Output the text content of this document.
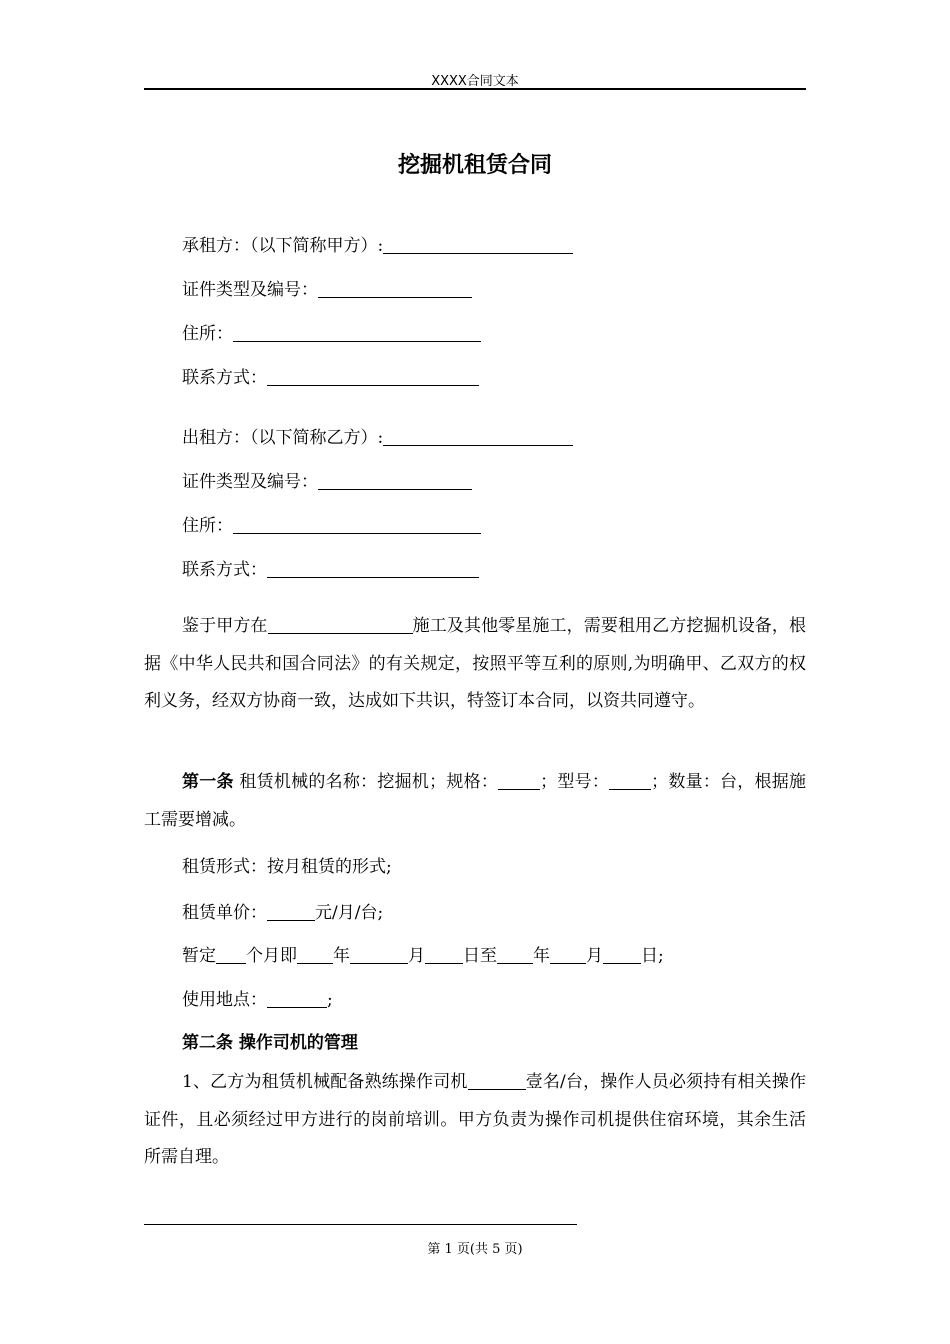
XXXX合同文本
挖掘机租赁合同
承租方：（以下简称甲方）:
证件类型及编号：
住所：
联系方式：
出租方：（以下简称乙方）:
证件类型及编号：
住所：
联系方式：
鉴于甲方在	施工及其他零星施工，需要租用乙方挖掘机设备，根据《中华人民共和国合同法》的有关规定，按照平等互利的原则,为明确甲、乙双方的权利义务，经双方协商一致，达成如下共识，特签订本合同，以资共同遵守。
第一条 租赁机械的名称：挖掘机；规格： ；型号： ；数量：台，根据施工需要增减。
租赁形式：按月租赁的形式;
租赁单价：	元/月/台;
暂定 个月即 年	月 日至 年 月 日;
使用地点：	;
第二条 操作司机的管理
1、乙方为租赁机械配备熟练操作司机	壹名/台，操作人员必须持有相关操作证件，且必须经过甲方进行的岗前培训。甲方负责为操作司机提供住宿环境，其余生活所需自理。
第 1 页(共 5 页)
